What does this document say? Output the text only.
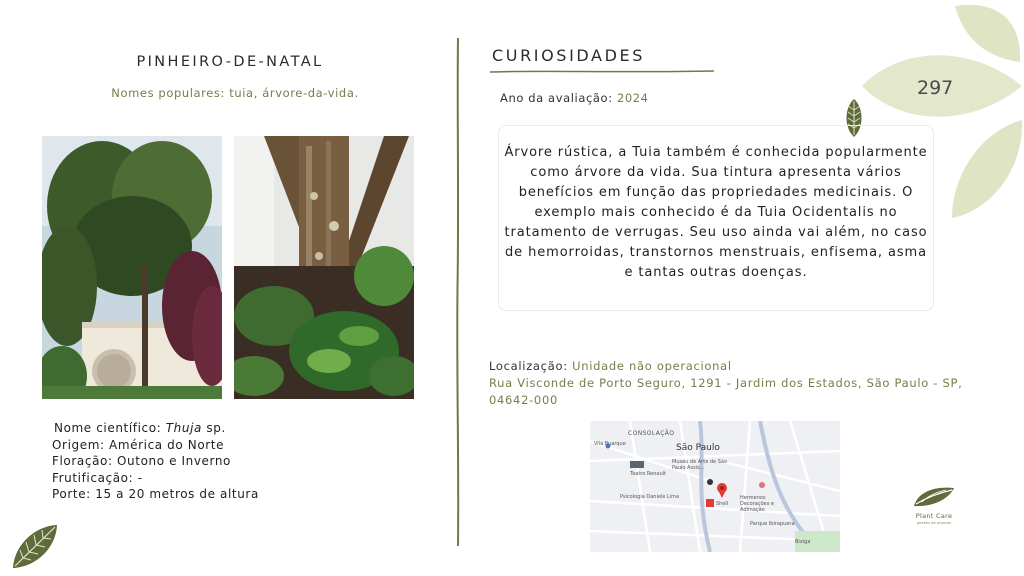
PINHEIRO-DE-NATAL
Nomes populares: tuia, árvore-da-vida.
Nome científico: Thuja sp.
Origem: América do Norte
Floração: Outono e Inverno
Frutificação: -
Porte: 15 a 20 metros de altura
CURIOSIDADES
Ano da avaliação: 2024
Árvore rústica, a Tuia também é conhecida popularmente como árvore da vida. Sua tintura apresenta vários benefícios em função das propriedades medicinais. O exemplo mais conhecido é da Tuia Ocidentalis no tratamento de verrugas. Seu uso ainda vai além, no caso de hemorroidas, transtornos menstruais, enfisema, asma e tantas outras doenças.
Localização: Unidade não operacional
Rua Visconde de Porto Seguro, 1291 - Jardim dos Estados, São Paulo - SP, 04642-000
CONSOLAÇÃO
São Paulo
Museu de Arte de São Paulo Assis...
Shell
Psicologia Daniele Lima	Hermenos Decorações e Adimação
Parque Ibirapuera
Teatro Renault
Vila Buarque
Bixiga
297
Plant Care
gestão de plantas
